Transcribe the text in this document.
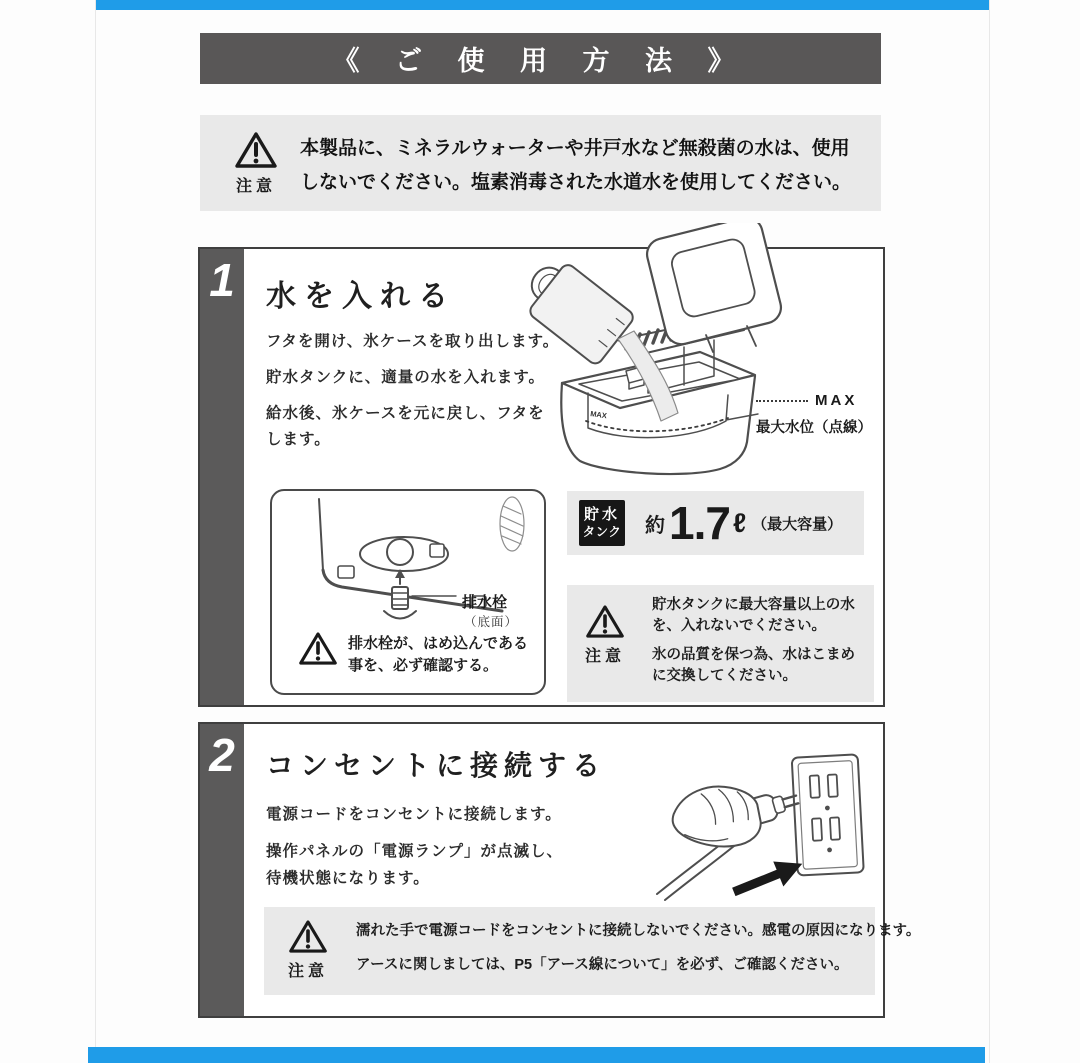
《 ご 使 用 方 法 》
注意
本製品に、ミネラルウォーターや井戸水など無殺菌の水は、使用しないでください。塩素消毒された水道水を使用してください。
1	水を入れる
フタを開け、氷ケースを取り出します。
貯水タンクに、適量の水を入れます。
給水後、氷ケースを元に戻し、フタを
します。
MAX
MAX
最大水位（点線）
排水栓
（底面）
排水栓が、はめ込んである事を、必ず確認する。
貯水
タンク 約 1.7 ℓ （最大容量）
注意
貯水タンクに最大容量以上の水を、入れないでください。
氷の品質を保つ為、水はこまめに交換してください。
2	コンセントに接続する
電源コードをコンセントに接続します。
操作パネルの「電源ランプ」が点滅し、
待機状態になります。
注意
濡れた手で電源コードをコンセントに接続しないでください。感電の原因になります。
アースに関しましては、P5「アース線について」を必ず、ご確認ください。
